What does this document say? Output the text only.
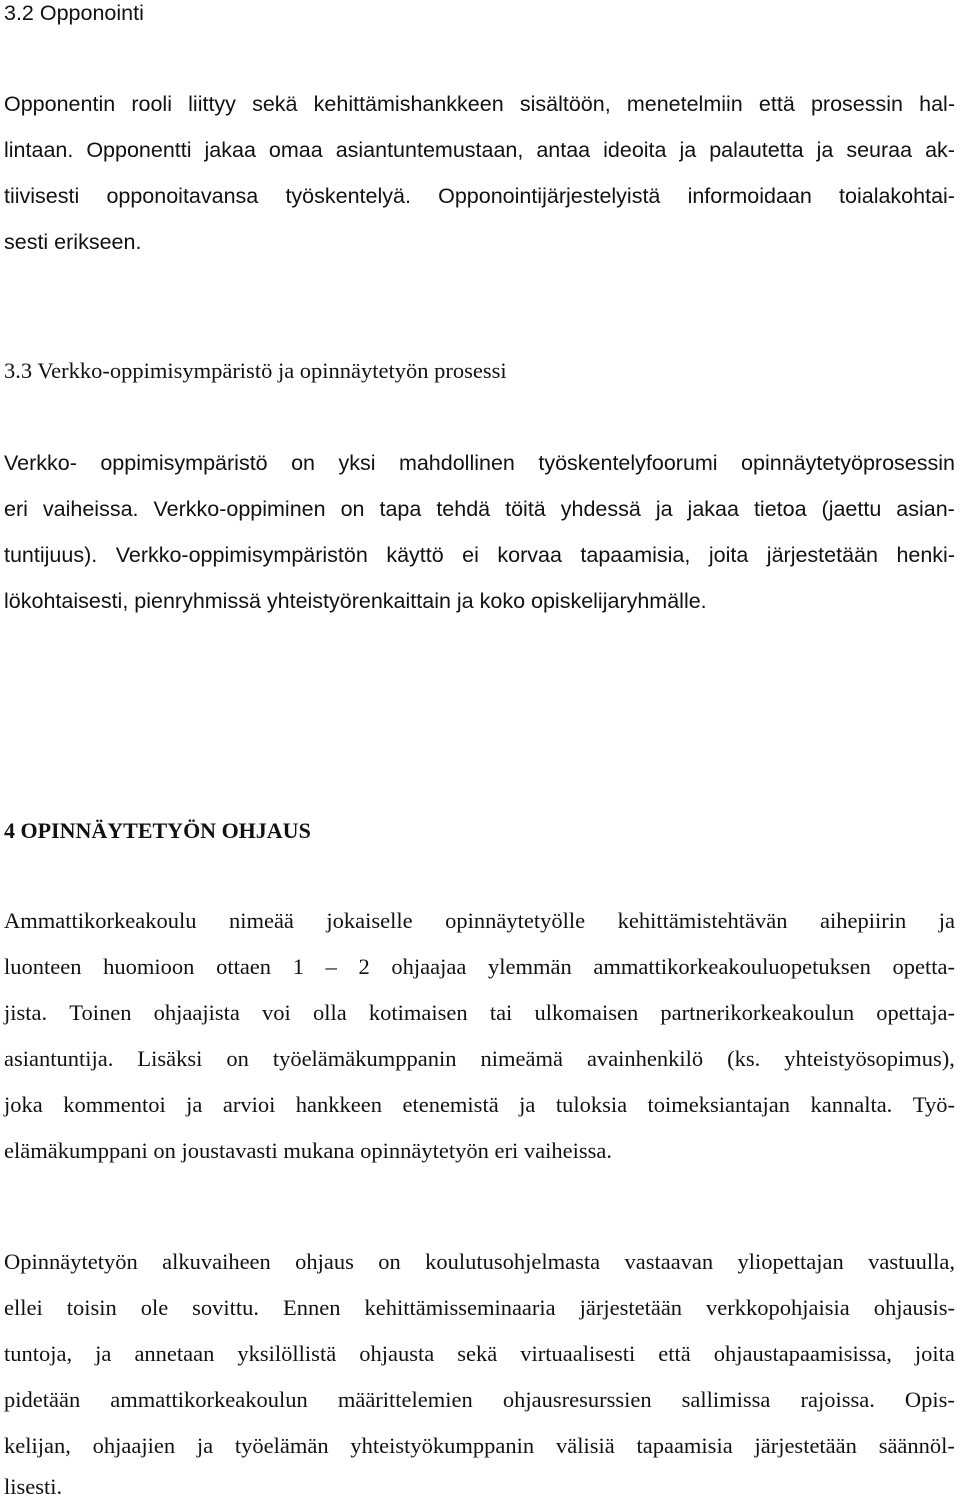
3.2 Opponointi
Opponentin rooli liittyy sekä kehittämishankkeen sisältöön, menetelmiin että prosessin hal-
lintaan. Opponentti jakaa omaa asiantuntemustaan, antaa ideoita ja palautetta ja seuraa ak-
tiivisesti opponoitavansa työskentelyä. Opponointijärjestelyistä informoidaan toialakohtai-
sesti erikseen.
3.3 Verkko-oppimisympäristö ja opinnäytetyön prosessi
Verkko- oppimisympäristö on yksi mahdollinen työskentelyfoorumi opinnäytetyöprosessin
eri vaiheissa. Verkko-oppiminen on tapa tehdä töitä yhdessä ja jakaa tietoa (jaettu asian-
tuntijuus). Verkko-oppimisympäristön käyttö ei korvaa tapaamisia, joita järjestetään henki-
lökohtaisesti, pienryhmissä yhteistyörenkaittain ja koko opiskelijaryhmälle.
4 OPINNÄYTETYÖN OHJAUS
Ammattikorkeakoulu nimeää jokaiselle opinnäytetyölle kehittämistehtävän aihepiirin ja
luonteen huomioon ottaen 1 – 2 ohjaajaa ylemmän ammattikorkeakouluopetuksen opetta-
jista. Toinen ohjaajista voi olla kotimaisen tai ulkomaisen partnerikorkeakoulun opettaja-
asiantuntija. Lisäksi on työelämäkumppanin nimeämä avainhenkilö (ks. yhteistyösopimus),
joka kommentoi ja arvioi hankkeen etenemistä ja tuloksia toimeksiantajan kannalta. Työ-
elämäkumppani on joustavasti mukana opinnäytetyön eri vaiheissa.
Opinnäytetyön alkuvaiheen ohjaus on koulutusohjelmasta vastaavan yliopettajan vastuulla,
ellei toisin ole sovittu. Ennen kehittämisseminaaria järjestetään verkkopohjaisia ohjausis-
tuntoja, ja annetaan yksilöllistä ohjausta sekä virtuaalisesti että ohjaustapaamisissa, joita
pidetään ammattikorkeakoulun määrittelemien ohjausresurssien sallimissa rajoissa. Opis-
kelijan, ohjaajien ja työelämän yhteistyökumppanin välisiä tapaamisia järjestetään säännöl-
lisesti.
